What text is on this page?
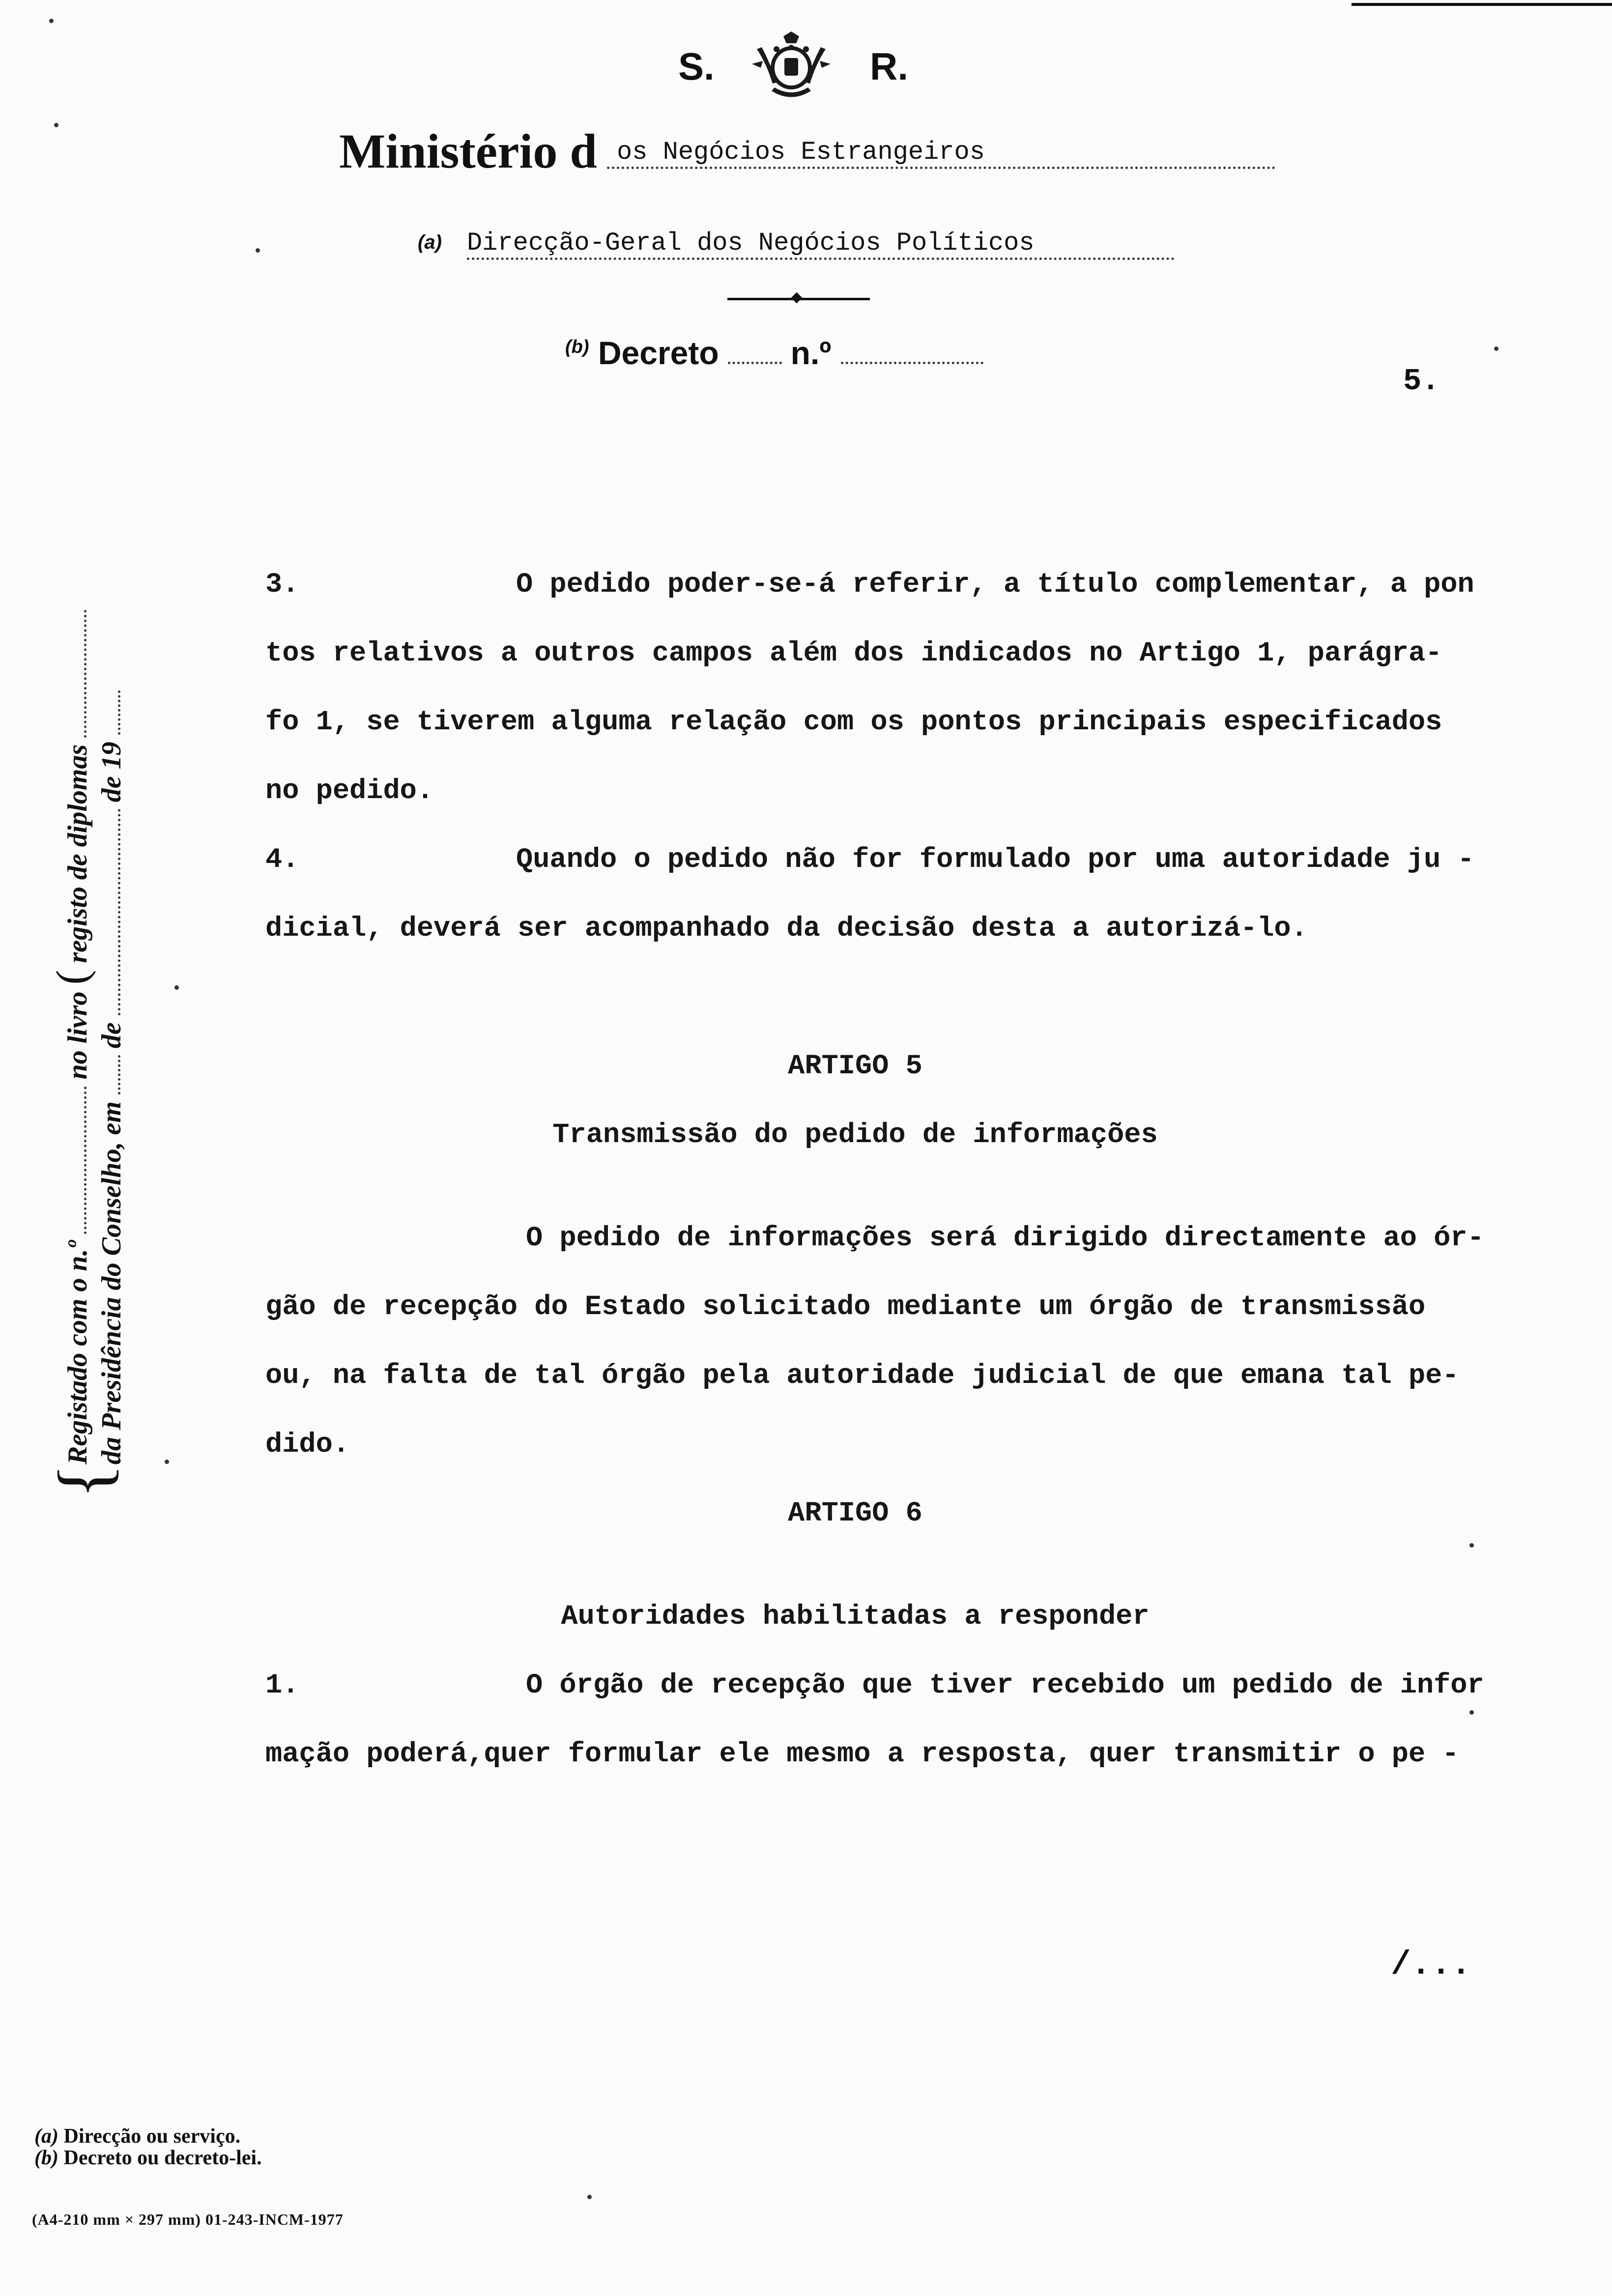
S.	R.
Ministério d os Negócios Estrangeiros
(a) Direcção-Geral dos Negócios Políticos
$^{(b)}$ Decreto n.º
5.
{
Registado com o n.º  no livro ( registo de diplomas
da Presidência do Conselho, em  de  de 19

3.	O pedido poder-se-á referir, a título complementar, a pon

tos relativos a outros campos além dos indicados no Artigo 1, parágra-

fo 1, se tiverem alguma relação com os pontos principais especificados

no pedido.

4.	Quando o pedido não for formulado por uma autoridade ju -

dicial, deverá ser acompanhado da decisão desta a autorizá-lo.

ARTIGO 5

Transmissão do pedido de informações

O pedido de informações será dirigido directamente ao ór-

gão de recepção do Estado solicitado mediante um órgão de transmissão

ou, na falta de tal órgão pela autoridade judicial de que emana tal pe-

dido.

ARTIGO 6

Autoridades habilitadas a responder

1.	O órgão de recepção que tiver recebido um pedido de infor

mação poderá,quer formular ele mesmo a resposta, quer transmitir o pe -

/...
(a) Direcção ou serviço.
(b) Decreto ou decreto-lei.
(A4-210 mm × 297 mm) 01-243-INCM-1977
